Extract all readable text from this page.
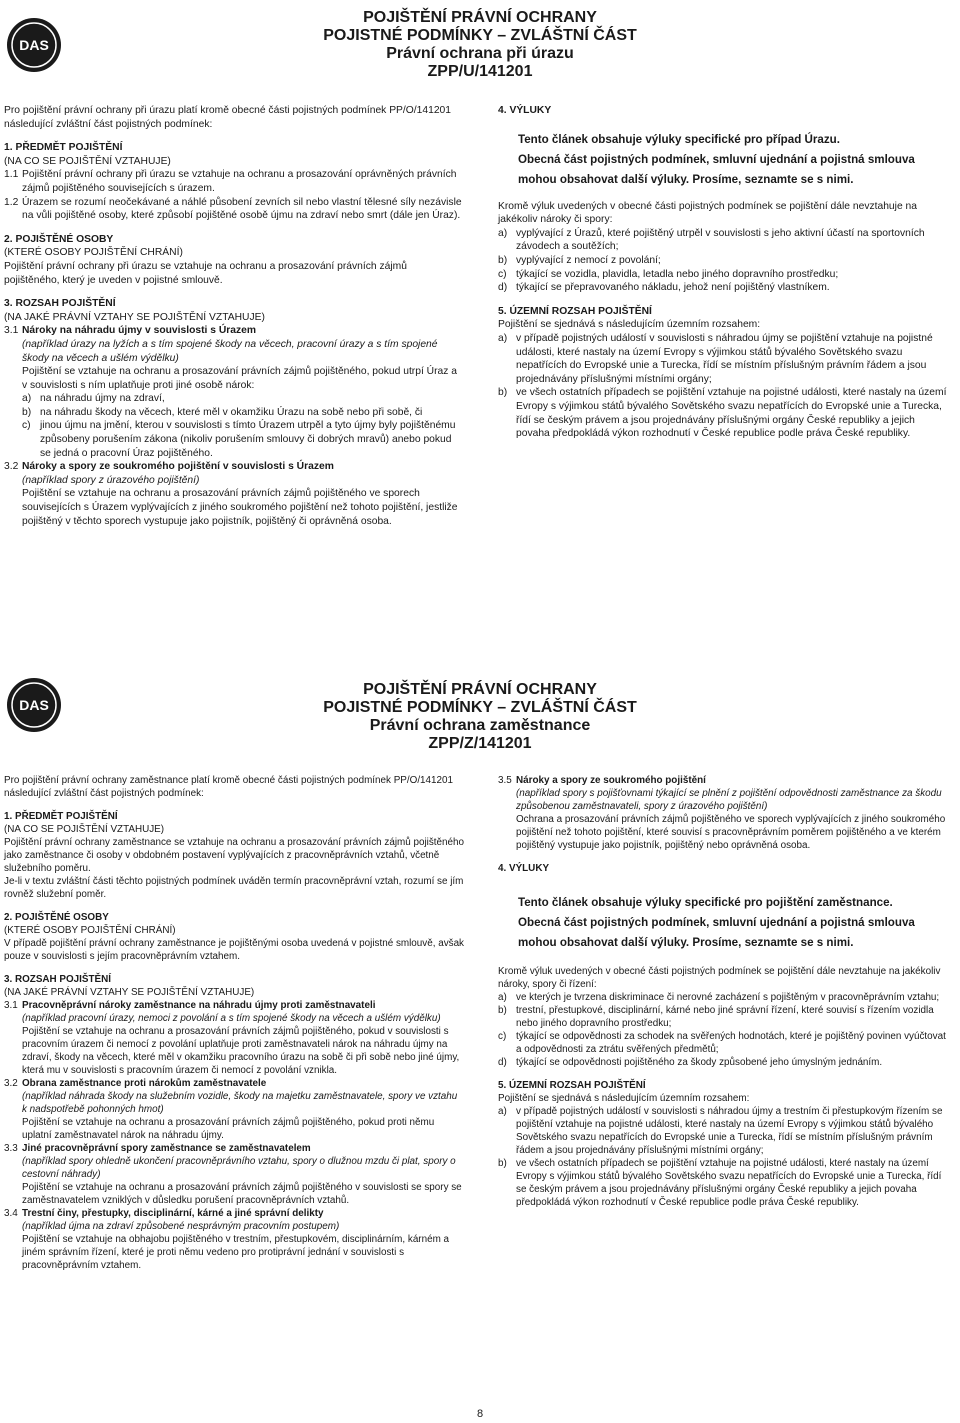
DAS
POJIŠTĚNÍ PRÁVNÍ OCHRANY
POJISTNÉ PODMÍNKY – ZVLÁŠTNÍ ČÁST
Právní ochrana při úrazu
ZPP/U/141201

Pro pojištění právní ochrany při úrazu platí kromě obecné části pojistných podmínek PP/O/141201 následující zvláštní část pojistných podmínek:

1. PŘEDMĚT POJIŠTĚNÍ

(NA CO SE POJIŠTĚNÍ VZTAHUJE)

1.1 Pojištění právní ochrany při úrazu se vztahuje na ochranu a prosazování oprávněných právních zájmů pojištěného souvisejících s úrazem.
1.2 Úrazem se rozumí neočekávané a náhlé působení zevních sil nebo vlastní tělesné síly nezávisle na vůli pojištěné osoby, které způsobí pojištěné osobě újmu na zdraví nebo smrt (dále jen Úraz).

2. POJIŠTĚNÉ OSOBY

(KTERÉ OSOBY POJIŠTĚNÍ CHRÁNÍ)

Pojištění právní ochrany při úrazu se vztahuje na ochranu a prosazování právních zájmů pojištěného, který je uveden v pojistné smlouvě.

3. ROZSAH POJIŠTĚNÍ

(NA JAKÉ PRÁVNÍ VZTAHY SE POJIŠTĚNÍ VZTAHUJE)

3.1 Nároky na náhradu újmy v souvislosti s Úrazem

(například úrazy na lyžích a s tím spojené škody na věcech, pracovní úrazy a s tím spojené škody na věcech a ušlém výdělku)

Pojištění se vztahuje na ochranu a prosazování právních zájmů pojištěného, pokud utrpí Úraz a v souvislosti s ním uplatňuje proti jiné osobě nárok:

a) na náhradu újmy na zdraví,
b) na náhradu škody na věcech, které měl v okamžiku Úrazu na sobě nebo při sobě, či
c) jinou újmu na jmění, kterou v souvislosti s tímto Úrazem utrpěl a tyto újmy byly pojištěnému způsobeny porušením zákona (nikoliv porušením smlouvy či dobrých mravů) anebo pokud se jedná o pracovní Úraz pojištěného.
3.2 Nároky a spory ze soukromého pojištění v souvislosti s Úrazem

(například spory z úrazového pojištění)

Pojištění se vztahuje na ochranu a prosazování právních zájmů pojištěného ve sporech souvisejících s Úrazem vyplývajících z jiného soukromého pojištění než tohoto pojištění, jestliže pojištěný v těchto sporech vystupuje jako pojistník, pojištěný či oprávněná osoba.

4. VÝLUKY

Tento článek obsahuje výluky specifické pro případ Úrazu.
Obecná část pojistných podmínek, smluvní ujednání a pojistná smlouva
mohou obsahovat další výluky. Prosíme, seznamte se s nimi.

Kromě výluk uvedených v obecné části pojistných podmínek se pojištění dále nevztahuje na jakékoliv nároky či spory:

a) vyplývající z Úrazů, které pojištěný utrpěl v souvislosti s jeho aktivní účastí na sportovních závodech a soutěžích;
b) vyplývající z nemocí z povolání;
c) týkající se vozidla, plavidla, letadla nebo jiného dopravního prostředku;
d) týkající se přepravovaného nákladu, jehož není pojištěný vlastníkem.

5. ÚZEMNÍ ROZSAH POJIŠTĚNÍ

Pojištění se sjednává s následujícím územním rozsahem:

a) v případě pojistných událostí v souvislosti s náhradou újmy se pojištění vztahuje na pojistné události, které nastaly na území Evropy s výjimkou států bývalého Sovětského svazu nepatřících do Evropské unie a Turecka, řídí se místním příslušným právním řádem a jsou projednávány příslušnými místními orgány;
b) ve všech ostatních případech se pojištění vztahuje na pojistné události, které nastaly na území Evropy s výjimkou států bývalého Sovětského svazu nepatřících do Evropské unie a Turecka, řídí se českým právem a jsou projednávány příslušnými orgány České republiky a jejich povaha předpokládá výkon rozhodnutí v České republice podle práva České republiky.
DAS
POJIŠTĚNÍ PRÁVNÍ OCHRANY
POJISTNÉ PODMÍNKY – ZVLÁŠTNÍ ČÁST
Právní ochrana zaměstnance
ZPP/Z/141201

Pro pojištění právní ochrany zaměstnance platí kromě obecné části pojistných podmínek PP/O/141201 následující zvláštní část pojistných podmínek:

1. PŘEDMĚT POJIŠTĚNÍ

(NA CO SE POJIŠTĚNÍ VZTAHUJE)

Pojištění právní ochrany zaměstnance se vztahuje na ochranu a prosazování právních zájmů pojištěného jako zaměstnance či osoby v obdobném postavení vyplývajících z pracovněprávních vztahů, včetně služebního poměru.

Je-li v textu zvláštní části těchto pojistných podmínek uváděn termín pracovněprávní vztah, rozumí se jím rovněž služební poměr.

2. POJIŠTĚNÉ OSOBY

(KTERÉ OSOBY POJIŠTĚNÍ CHRÁNÍ)

V případě pojištění právní ochrany zaměstnance je pojištěnými osoba uvedená v pojistné smlouvě, avšak pouze v souvislosti s jejím pracovněprávním vztahem.

3. ROZSAH POJIŠTĚNÍ

(NA JAKÉ PRÁVNÍ VZTAHY SE POJIŠTĚNÍ VZTAHUJE)

3.1 Pracovněprávní nároky zaměstnance na náhradu újmy proti zaměstnavateli

(například pracovní úrazy, nemoci z povolání a s tím spojené škody na věcech a ušlém výdělku)

Pojištění se vztahuje na ochranu a prosazování právních zájmů pojištěného, pokud v souvislosti s pracovním úrazem či nemocí z povolání uplatňuje proti zaměstnavateli nárok na náhradu újmy na zdraví, škody na věcech, které měl v okamžiku pracovního úrazu na sobě či při sobě nebo jiné újmy, která mu v souvislosti s pracovním úrazem či nemocí z povolání vznikla.

3.2 Obrana zaměstnance proti nárokům zaměstnavatele

(například náhrada škody na služebním vozidle, škody na majetku zaměstnavatele, spory ve vztahu k nadspotřebě pohonných hmot)

Pojištění se vztahuje na ochranu a prosazování právních zájmů pojištěného, pokud proti němu uplatní zaměstnavatel nárok na náhradu újmy.

3.3 Jiné pracovněprávní spory zaměstnance se zaměstnavatelem

(například spory ohledně ukončení pracovněprávního vztahu, spory o dlužnou mzdu či plat, spory o cestovní náhrady)

Pojištění se vztahuje na ochranu a prosazování právních zájmů pojištěného v souvislosti se spory se zaměstnavatelem vzniklých v důsledku porušení pracovněprávních vztahů.

3.4 Trestní činy, přestupky, disciplinární, kárné a jiné správní delikty

(například újma na zdraví způsobené nesprávným pracovním postupem)

Pojištění se vztahuje na obhajobu pojištěného v trestním, přestupkovém, disciplinárním, kárném a jiném správním řízení, které je proti němu vedeno pro protiprávní jednání v souvislosti s pracovněprávním vztahem.

3.5 Nároky a spory ze soukromého pojištění

(například spory s pojišťovnami týkající se plnění z pojištění odpovědnosti zaměstnance za škodu způsobenou zaměstnavateli, spory z úrazového pojištění)

Ochrana a prosazování právních zájmů pojištěného ve sporech vyplývajících z jiného soukromého pojištění než tohoto pojištění, které souvisí s pracovněprávním poměrem pojištěného a ve kterém pojištěný vystupuje jako pojistník, pojištěný nebo oprávněná osoba.

4. VÝLUKY

Tento článek obsahuje výluky specifické pro pojištění zaměstnance.
Obecná část pojistných podmínek, smluvní ujednání a pojistná smlouva
mohou obsahovat další výluky. Prosíme, seznamte se s nimi.

Kromě výluk uvedených v obecné části pojistných podmínek se pojištění dále nevztahuje na jakékoliv nároky, spory či řízení:

a) ve kterých je tvrzena diskriminace či nerovné zacházení s pojištěným v pracovněprávním vztahu;
b) trestní, přestupkové, disciplinární, kárné nebo jiné správní řízení, které souvisí s řízením vozidla nebo jiného dopravního prostředku;
c) týkající se odpovědnosti za schodek na svěřených hodnotách, které je pojištěný povinen vyúčtovat a odpovědnosti za ztrátu svěřených předmětů;
d) týkající se odpovědnosti pojištěného za škody způsobené jeho úmyslným jednáním.

5. ÚZEMNÍ ROZSAH POJIŠTĚNÍ

Pojištění se sjednává s následujícím územním rozsahem:

a) v případě pojistných událostí v souvislosti s náhradou újmy a trestním či přestupkovým řízením se pojištění vztahuje na pojistné události, které nastaly na území Evropy s výjimkou států bývalého Sovětského svazu nepatřících do Evropské unie a Turecka, řídí se místním příslušným právním řádem a jsou projednávány příslušnými místními orgány;
b) ve všech ostatních případech se pojištění vztahuje na pojistné události, které nastaly na území Evropy s výjimkou států bývalého Sovětského svazu nepatřících do Evropské unie a Turecka, řídí se českým právem a jsou projednávány příslušnými orgány České republiky a jejich povaha předpokládá výkon rozhodnutí v České republice podle práva České republiky.
8
